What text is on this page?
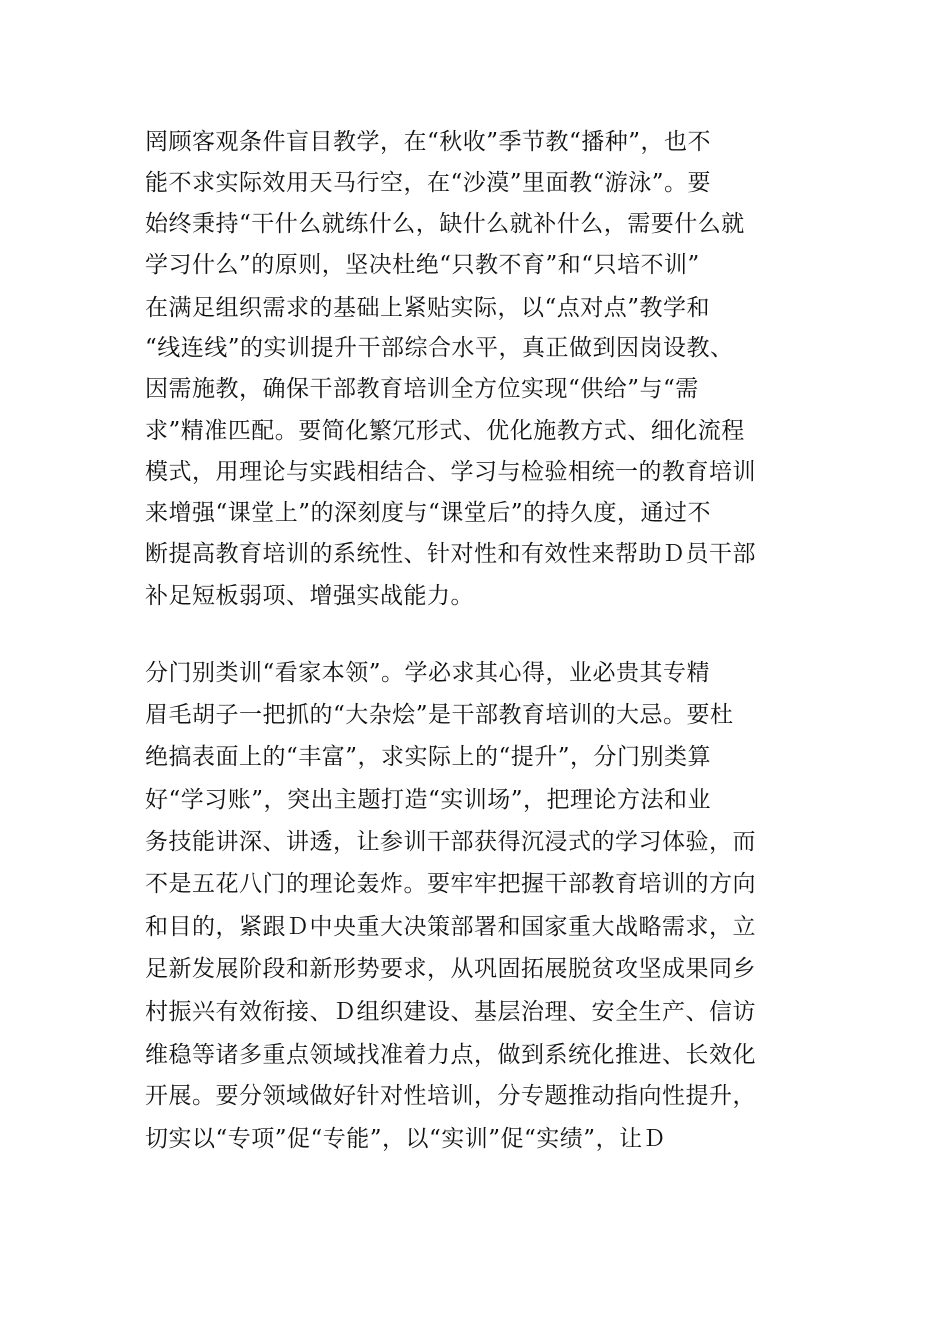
罔顾客观条件盲目教学，在“秋收”季节教“播种”，也不
能不求实际效用天马行空，在“沙漠”里面教“游泳”。要
始终秉持“干什么就练什么，缺什么就补什么，需要什么就
学习什么”的原则，坚决杜绝“只教不育”和“只培不训”
在满足组织需求的基础上紧贴实际，以“点对点”教学和
“线连线”的实训提升干部综合水平，真正做到因岗设教、
因需施教，确保干部教育培训全方位实现“供给”与“需
求”精准匹配。要简化繁冗形式、优化施教方式、细化流程
模式，用理论与实践相结合、学习与检验相统一的教育培训
来增强“课堂上”的深刻度与“课堂后”的持久度，通过不
断提高教育培训的系统性、针对性和有效性来帮助Ｄ员干部
补足短板弱项、增强实战能力。
分门别类训“看家本领”。学必求其心得，业必贵其专精
眉毛胡子一把抓的“大杂烩”是干部教育培训的大忌。要杜
绝搞表面上的“丰富”，求实际上的“提升”，分门别类算
好“学习账”，突出主题打造“实训场”，把理论方法和业
务技能讲深、讲透，让参训干部获得沉浸式的学习体验，而
不是五花八门的理论轰炸。要牢牢把握干部教育培训的方向
和目的，紧跟Ｄ中央重大决策部署和国家重大战略需求，立
足新发展阶段和新形势要求，从巩固拓展脱贫攻坚成果同乡
村振兴有效衔接、Ｄ组织建设、基层治理、安全生产、信访
维稳等诸多重点领域找准着力点，做到系统化推进、长效化
开展。要分领域做好针对性培训，分专题推动指向性提升，
切实以“专项”促“专能”，以“实训”促“实绩”，让Ｄ
